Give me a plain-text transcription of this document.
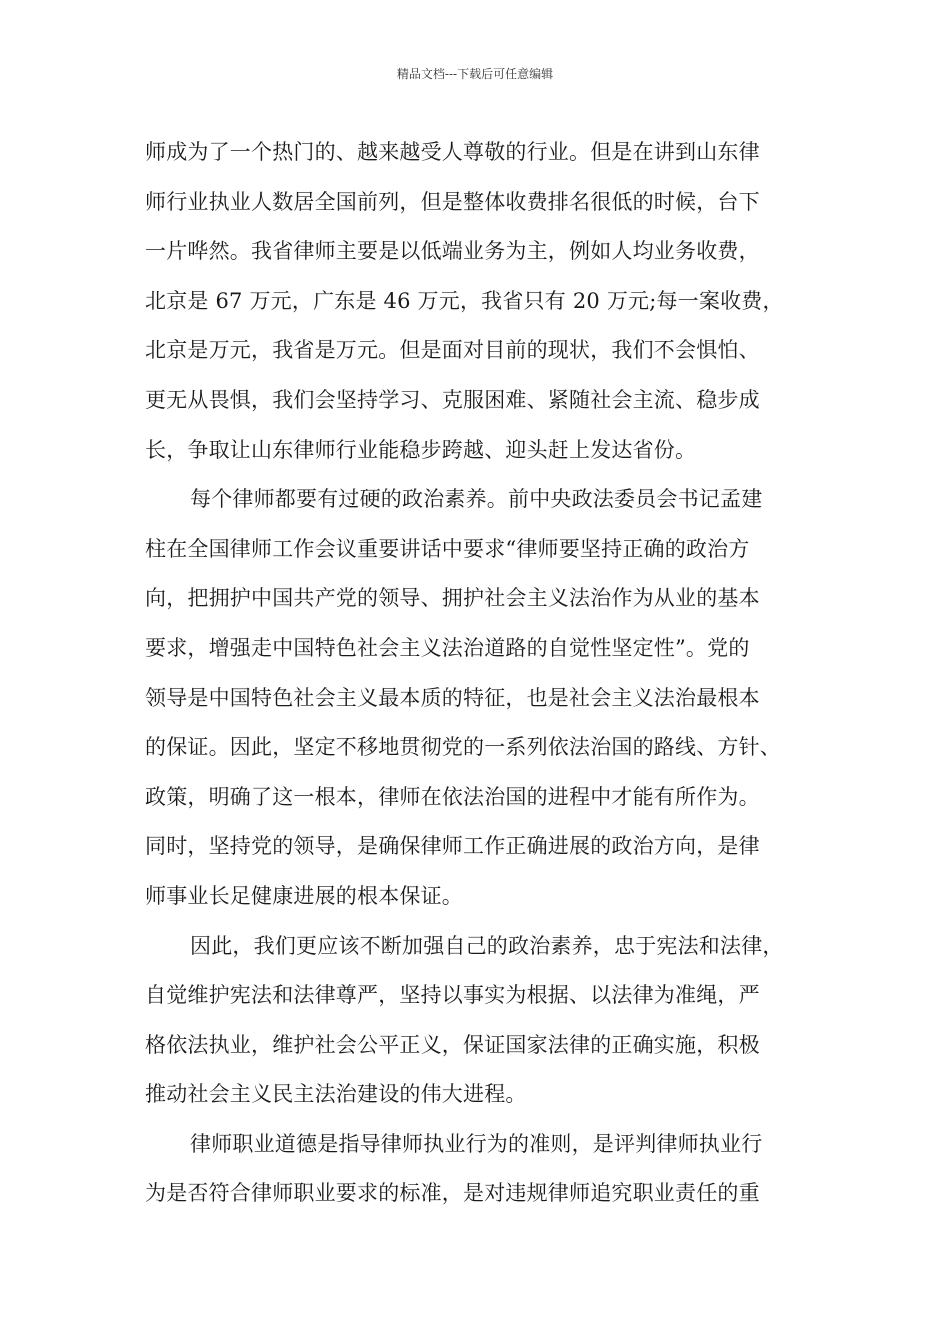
精品文档---下载后可任意编辑
师成为了一个热门的、越来越受人尊敬的行业。但是在讲到山东律
师行业执业人数居全国前列，但是整体收费排名很低的时候，台下
一片哗然。我省律师主要是以低端业务为主，例如人均业务收费，
北京是 67 万元，广东是 46 万元，我省只有 20 万元;每一案收费，
北京是万元，我省是万元。但是面对目前的现状，我们不会惧怕、
更无从畏惧，我们会坚持学习、克服困难、紧随社会主流、稳步成
长，争取让山东律师行业能稳步跨越、迎头赶上发达省份。
每个律师都要有过硬的政治素养。前中央政法委员会书记孟建
柱在全国律师工作会议重要讲话中要求“律师要坚持正确的政治方
向，把拥护中国共产党的领导、拥护社会主义法治作为从业的基本
要求，增强走中国特色社会主义法治道路的自觉性坚定性”。党的
领导是中国特色社会主义最本质的特征，也是社会主义法治最根本
的保证。因此，坚定不移地贯彻党的一系列依法治国的路线、方针、
政策，明确了这一根本，律师在依法治国的进程中才能有所作为。
同时，坚持党的领导，是确保律师工作正确进展的政治方向，是律
师事业长足健康进展的根本保证。
因此，我们更应该不断加强自己的政治素养，忠于宪法和法律，
自觉维护宪法和法律尊严，坚持以事实为根据、以法律为准绳，严
格依法执业，维护社会公平正义，保证国家法律的正确实施，积极
推动社会主义民主法治建设的伟大进程。
律师职业道德是指导律师执业行为的准则，是评判律师执业行
为是否符合律师职业要求的标准，是对违规律师追究职业责任的重
